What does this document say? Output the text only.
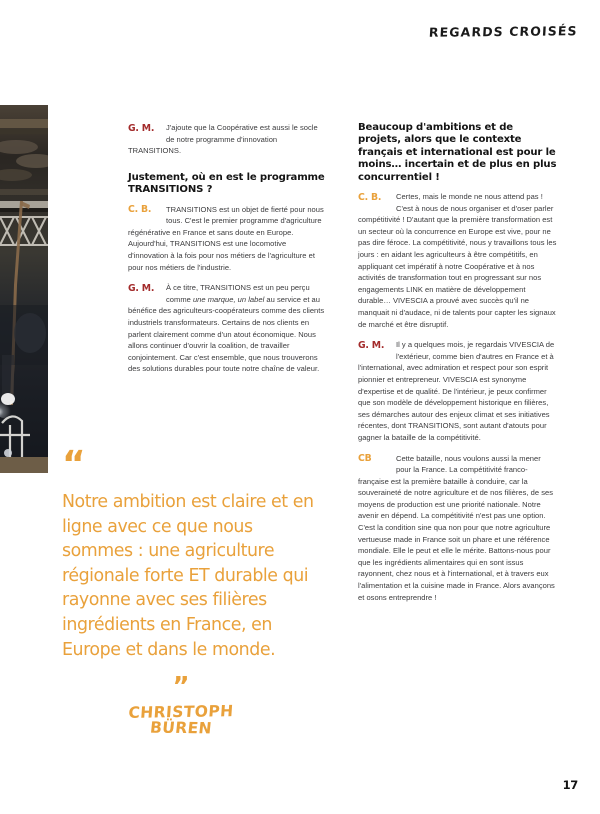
REGARDS CROISÉS
G. M.	J'ajoute que la Coopérative est aussi le socle de notre programme d'innovation TRANSITIONS.

Justement, où en est le programme TRANSITIONS ?
C. B.	TRANSITIONS est un objet de fierté pour nous tous. C'est le premier programme d'agriculture régénérative en France et sans doute en Europe. Aujourd'hui, TRANSITIONS est une locomotive d'innovation à la fois pour nos métiers de l'agriculture et pour nos métiers de l'industrie.

G. M.	À ce titre, TRANSITIONS est un peu perçu comme une marque, un label au service et au bénéfice des agriculteurs-coopérateurs comme des clients industriels transformateurs. Certains de nos clients en parlent clairement comme d'un atout économique. Nous allons continuer d'ouvrir la coalition, de travailler conjointement. Car c'est ensemble, que nous trouverons des solutions durables pour toute notre chaîne de valeur.

Beaucoup d'ambitions et de projets, alors que le contexte français et international est pour le moins… incertain et de plus en plus concurrentiel !
C. B.	Certes, mais le monde ne nous attend pas ! C'est à nous de nous organiser et d'oser parler compétitivité ! D'autant que la première transformation est un secteur où la concurrence en Europe est vive, pour ne pas dire féroce. La compétitivité, nous y travaillons tous les jours : en aidant les agriculteurs à être compétitifs, en appliquant cet impératif à notre Coopérative et à nos activités de transformation tout en progressant sur nos engagements LINK en matière de développement durable… VIVESCIA a prouvé avec succès qu'il ne manquait ni d'audace, ni de talents pour capter les signaux de marché et être disruptif.

G. M.	Il y a quelques mois, je regardais VIVESCIA de l'extérieur, comme bien d'autres en France et à l'international, avec admiration et respect pour son esprit pionnier et entrepreneur. VIVESCIA est synonyme d'expertise et de qualité. De l'intérieur, je peux confirmer que son modèle de développement historique en filières, ses démarches autour des enjeux climat et ses initiatives récentes, dont TRANSITIONS, sont autant d'atouts pour gagner la bataille de la compétitivité.

CB	Cette bataille, nous voulons aussi la mener pour la France. La compétitivité franco-française est la première bataille à conduire, car la souveraineté de notre agriculture et de nos filières, de ses moyens de production est une priorité nationale. Notre avenir en dépend. La compétitivité n'est pas une option. C'est la condition sine qua non pour que notre agriculture vertueuse made in France soit un phare et une référence mondiale. Elle le peut et elle le mérite. Battons-nous pour que les ingrédients alimentaires qui en sont issus rayonnent, chez nous et à l'international, et à travers eux l'alimentation et la cuisine made in France. Alors avançons et osons entreprendre !

“
Notre ambition est claire et en ligne avec ce que nous sommes : une agriculture régionale forte ET durable qui rayonne avec ses filières ingrédients en France, en Europe et dans le monde.
”
CHRISTOPH
BÜREN
17
